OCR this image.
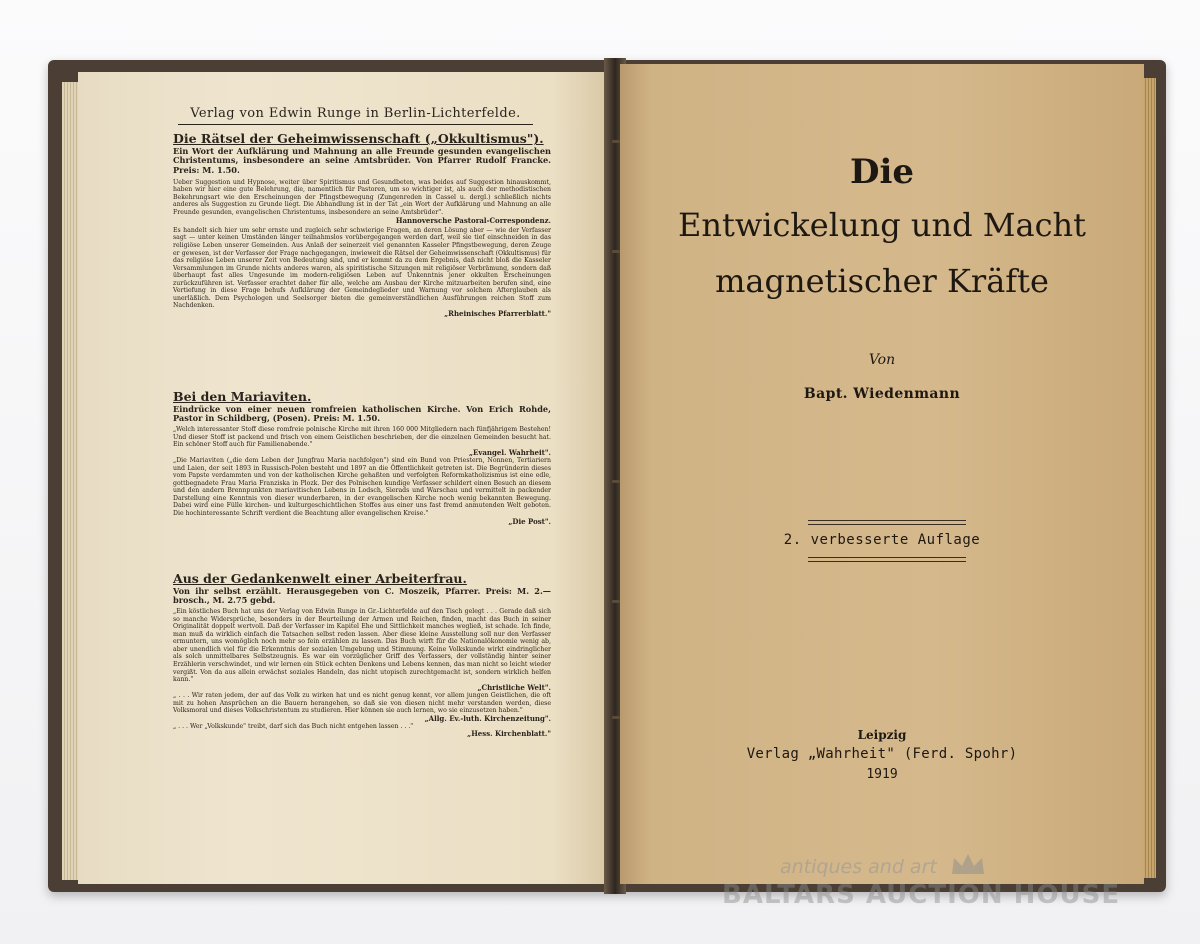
Verlag von Edwin Runge in Berlin-Lichterfelde.
Die Rätsel der Geheimwissenschaft („Okkultismus").
Ein Wort der Aufklärung und Mahnung an alle Freunde gesunden evangelischen Christentums, insbesondere an seine Amtsbrüder. Von Pfarrer Rudolf Francke. Preis: M. 1.50.
Ueber Suggestion und Hypnose, weiter über Spiritismus und Gesundbeten, was beides auf Suggestion hinauskommt, haben wir hier eine gute Belehrung, die, namentlich für Pastoren, um so wichtiger ist, als auch der methodistischen Bekehrungsart wie den Erscheinungen der Pfingstbewegung (Zungenreden in Cassel u. dergl.) schließlich nichts anderes als Suggestion zu Grunde liegt. Die Abhandlung ist in der Tat „ein Wort der Aufklärung und Mahnung an alle Freunde gesunden, evangelischen Christentums, insbesondere an seine Amtsbrüder".
Hannoversche Pastoral-Correspondenz.
Es handelt sich hier um sehr ernste und zugleich sehr schwierige Fragen, an deren Lösung aber — wie der Verfasser sagt — unter keinen Umständen länger teilnahmslos vorübergegangen werden darf, weil sie tief einschneiden in das religiöse Leben unserer Gemeinden. Aus Anlaß der seinerzeit viel genannten Kasseler Pfingstbewegung, deren Zeuge er gewesen, ist der Verfasser der Frage nachgegangen, inwieweit die Rätsel der Geheimwissenschaft (Okkultismus) für das religiöse Leben unserer Zeit von Bedeutung sind, und er kommt da zu dem Ergebnis, daß nicht bloß die Kasseler Versammlungen im Grunde nichts anderes waren, als spiritistische Sitzungen mit religiöser Verbrämung, sondern daß überhaupt fast alles Ungesunde im modern-religiösen Leben auf Unkenntnis jener okkulten Erscheinungen zurückzuführen ist. Verfasser erachtet daher für alle, welche am Ausbau der Kirche mitzuarbeiten berufen sind, eine Vertiefung in diese Frage behufs Aufklärung der Gemeindeglieder und Warnung vor solchem Afterglauben als unerläßlich. Dem Psychologen und Seelsorger bieten die gemeinverständlichen Ausführungen reichen Stoff zum Nachdenken.
„Rheinisches Pfarrerblatt."
Bei den Mariaviten.
Eindrücke von einer neuen romfreien katholischen Kirche. Von Erich Rohde, Pastor in Schildberg, (Posen). Preis: M. 1.50.
„Welch interessanter Stoff diese romfreie polnische Kirche mit ihren 160 000 Mitgliedern nach fünfjährigem Bestehen! Und dieser Stoff ist packend und frisch von einem Geistlichen beschrieben, der die einzelnen Gemeinden besucht hat. Ein schöner Stoff auch für Familienabende."
„Evangel. Wahrheit".
„Die Mariaviten („die dem Leben der Jungfrau Maria nachfolgen") sind ein Bund von Priestern, Nonnen, Tertiariern und Laien, der seit 1893 in Russisch-Polen besteht und 1897 an die Öffentlichkeit getreten ist. Die Begründerin dieses vom Papste verdammten und von der katholischen Kirche gehaßten und verfolgten Reformkatholizismus ist eine edle, gottbegnadete Frau Maria Franziska in Plozk. Der des Polnischen kundige Verfasser schildert einen Besuch an diesem und den andern Brennpunkten mariavitischen Lebens in Lodsch, Sierads und Warschau und vermittelt in packender Darstellung eine Kenntnis von dieser wunderbaren, in der evangelischen Kirche noch wenig bekannten Bewegung. Dabei wird eine Fülle kirchen- und kulturgeschichtlichen Stoffes aus einer uns fast fremd anmutenden Welt geboten. Die hochinteressante Schrift verdient die Beachtung aller evangelischen Kreise."
„Die Post".
Aus der Gedankenwelt einer Arbeiterfrau.
Von ihr selbst erzählt. Herausgegeben von C. Moszeik, Pfarrer. Preis: M. 2.— brosch., M. 2.75 gebd.
„Ein köstliches Buch hat uns der Verlag von Edwin Runge in Gr.-Lichterfelde auf den Tisch gelegt . . . Gerade daß sich so manche Widersprüche, besonders in der Beurteilung der Armen und Reichen, finden, macht das Buch in seiner Originalität doppelt wertvoll. Daß der Verfasser im Kapitel Ehe und Sittlichkeit manches wegließ, ist schade. Ich finde, man muß da wirklich einfach die Tatsachen selbst reden lassen. Aber diese kleine Ausstellung soll nur den Verfasser ermuntern, uns womöglich noch mehr so fein erzählen zu lassen. Das Buch wirft für die Nationalökonomie wenig ab, aber unendlich viel für die Erkenntnis der sozialen Umgebung und Stimmung. Keine Volkskunde wirkt eindringlicher als solch unmittelbares Selbstzeugnis. Es war ein vorzüglicher Griff des Verfassers, der vollständig hinter seiner Erzählerin verschwindet, und wir lernen ein Stück echten Denkens und Lebens kennen, das man nicht so leicht wieder vergißt. Von da aus allein erwächst soziales Handeln, das nicht utopisch zurechtgemacht ist, sondern wirklich helfen kann."
„Christliche Welt".
„ . . . Wir raten jedem, der auf das Volk zu wirken hat und es nicht genug kennt, vor allem jungen Geistlichen, die oft mit zu hohen Ansprüchen an die Bauern herangehen, so daß sie von diesen nicht mehr verstanden werden, diese Volksmoral und dieses Volkschristentum zu studieren. Hier können sie auch lernen, wo sie einzusetzen haben."
„Allg. Ev.-luth. Kirchenzeitung".
„ . . . Wer „Volkskunde" treibt, darf sich das Buch nicht entgehen lassen . . ."
„Hess. Kirchenblatt."
Die
Entwickelung und Macht
magnetischer Kräfte
Von
Bapt. Wiedenmann
2. verbesserte Auflage
Leipzig
Verlag „Wahrheit" (Ferd. Spohr)
1919
antiques and art
BALTARS AUCTION HOUSE
